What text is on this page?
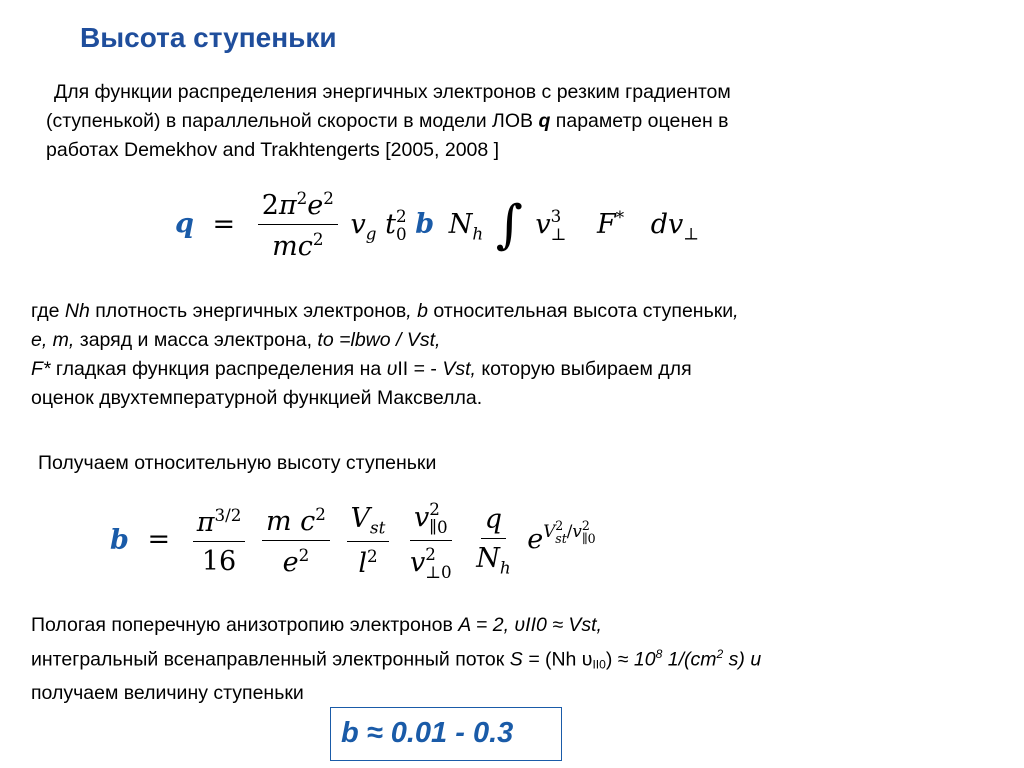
Высота ступеньки
Для функции распределения энергичных электронов с резким градиентом
(ступенькой) в параллельной скорости в модели ЛОВ q параметр оценен в
работах Demekhov and Trakhtengerts [2005, 2008 ]
$q = \frac{2\pi^2e^2}{mc^2} v_g$ t 2
0 b $N_h$ ∫ v 3
⊥ F* $dv_\perp$
где Nh плотность энергичных электронов, b относительная высота ступеньки,
e, m, заряд и масса электрона, to =lbwo / Vst,
F* гладкая функция распределения на υII = - Vst, которую выбираем для
оценок двухтемпературной функцией Максвелла.
Получаем относительную высоту ступеньки
$b = \frac{\pi^{3/2}}{16}$
$\frac{m c^2}{e^2}$
$\frac{V_{st}}{l^2}$
v 2
∥0
v 2
⊥0
$\frac{q}{N_h} e^{V 2 st /v 2 \parallel 0}$
Пологая поперечную анизотропию электронов A = 2, υII0 ≈ Vst,
интегральный всенаправленный электронный поток S = (Nh $\upsilon II0) \approx 10^8$ $1/(cm^2$ s) и
получаем величину ступеньки
b ≈ 0.01 - 0.3
